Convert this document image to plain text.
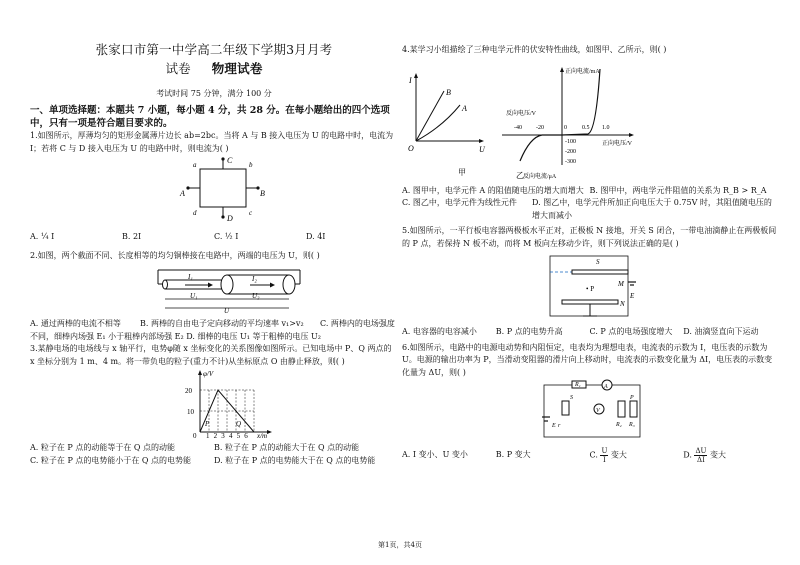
张家口市第一中学高二年级下学期3月月考
试卷 物理试卷
考试时间 75 分钟，满分 100 分
一、单项选择题：本题共 7 小题，每小题 4 分，共 28 分。在每小题给出的四个选项中，只有一项是符合题目要求的。
1.如图所示，厚薄均匀的矩形金属薄片边长 ab=2bc。当将 A 与 B 接入电压为 U 的电路中时，电流为 I；若将 C 与 D 接入电压为 U 的电路中时，则电流为( )
C
D
A	B
a	b
c
d
A. ¼ I	B. 2I	C. ½ I	D. 4I
2.如图，两个截面不同、长度相等的均匀铜棒接在电路中，两端的电压为 U，则( )
I₁	I₂
U₁	U₂
U
A. 通过两棒的电流不相等	B. 两棒的自由电子定向移动的平均速率 v₁>v₂	C. 两棒内的电场强度
不同，细棒内场强 E₁ 小于粗棒内部场强 E₂ D. 细棒的电压 U₁ 等于粗棒的电压 U₂
3.某静电场的电场线与 x 轴平行，电势φ随 x 坐标变化的关系图像如图所示。已知电场中 P、Q 两点的 x 坐标分别为 1 m、4 m。将一带负电的粒子(重力不计)从坐标原点 O 由静止释放，则( )
φ/V
20
10
0 1 2 3 4 5 6 x/m
P	Q
A. 粒子在 P 点的动能等于在 Q 点的动能	B. 粒子在 P 点的动能大于在 Q 点的动能
C. 粒子在 P 点的电势能小于在 Q 点的电势能	D. 粒子在 P 点的电势能大于在 Q 点的电势能
4.某学习小组描绘了三种电学元件的伏安特性曲线，如图甲、乙所示，则( )
I
U
O
B
A
甲
正向电流/mA
反向电压/V
正向电压/V
反向电流/μA
-40 -20	0	0.5 1.0
-100
-200
-300
乙
A. 图甲中，电学元件 A 的阻值随电压的增大而增大 B. 图甲中，两电学元件阻值的关系为 R_B > R_A
C. 图乙中，电学元件为线性元件	D. 图乙中，电学元件所加正向电压大于 0.75V 时，其阻值随电压的增大而减小
5.如图所示，一平行板电容器两极板水平正对，正极板 N 接地，开关 S 闭合，一带电油滴静止在两极板间的 P 点，若保持 N 板不动，而将 M 板向左移动少许，则下列说法正确的是( )
S
M
E
N
• P
A. 电容器的电容减小	B. P 点的电势升高	C. P 点的电场强度增大	D. 油滴竖直向下运动
6.如图所示，电路中的电源电动势和内阻恒定，电表均为理想电表，电流表的示数为 I，电压表的示数为 U。电源的输出功率为 P，当滑动变阻器的滑片向上移动时，电流表的示数变化量为 ΔI，电压表的示数变化量为 ΔU，则( )
R₁	A
V
R₂ R₃
S
E r
P
A. I 变小、U 变小	B. P 变大	C. $\frac{U}{I}$ 变大	D. $\frac{\Delta U}{\Delta I}$ 变大
第1页，共4页
